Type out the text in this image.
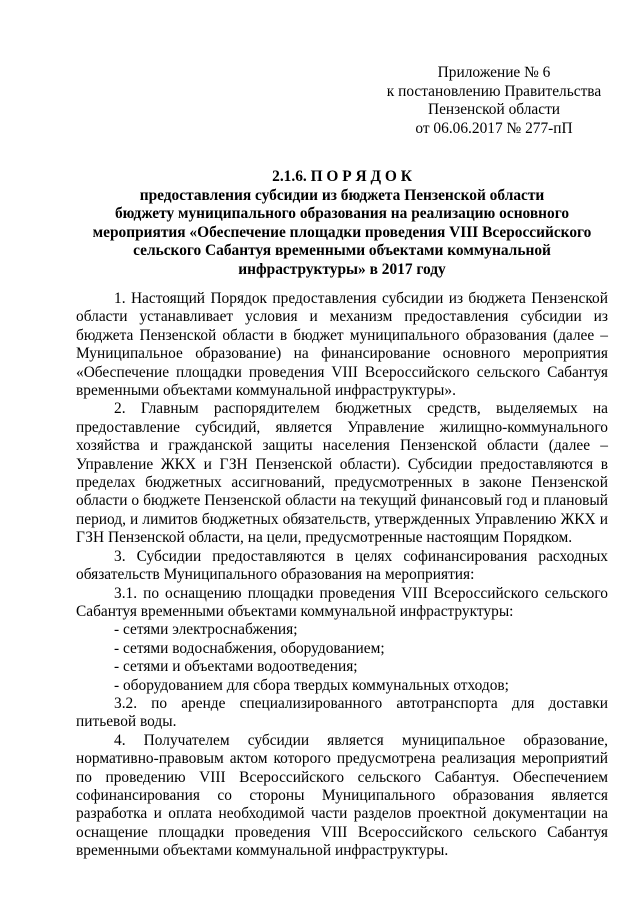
Приложение № 6
к постановлению Правительства
Пензенской области
от 06.06.2017 № 277-пП
2.1.6. П О Р Я Д О К
предоставления субсидии из бюджета Пензенской области
бюджету муниципального образования на реализацию основного
мероприятия «Обеспечение площадки проведения VIII Всероссийского
сельского Сабантуя временными объектами коммунальной
инфраструктуры» в 2017 году

1. Настоящий Порядок предоставления субсидии из бюджета Пензенской области устанавливает условия и механизм предоставления субсидии из бюджета Пензенской области в бюджет муниципального образования (далее – Муниципальное образование) на финансирование основного мероприятия «Обеспечение площадки проведения VIII Всероссийского сельского Сабантуя временными объектами коммунальной инфраструктуры».

2. Главным распорядителем бюджетных средств, выделяемых на предоставление субсидий, является Управление жилищно-коммунального хозяйства и гражданской защиты населения Пензенской области (далее – Управление ЖКХ и ГЗН Пензенской области). Субсидии предоставляются в пределах бюджетных ассигнований, предусмотренных в законе Пензенской области о бюджете Пензенской области на текущий финансовый год и плановый период, и лимитов бюджетных обязательств, утвержденных Управлению ЖКХ и ГЗН Пензенской области, на цели, предусмотренные настоящим Порядком.

3. Субсидии предоставляются в целях софинансирования расходных обязательств Муниципального образования на мероприятия:

3.1. по оснащению площадки проведения VIII Всероссийского сельского Сабантуя временными объектами коммунальной инфраструктуры:

- сетями электроснабжения;

- сетями водоснабжения, оборудованием;

- сетями и объектами водоотведения;

- оборудованием для сбора твердых коммунальных отходов;

3.2. по аренде специализированного автотранспорта для доставки питьевой воды.

4. Получателем субсидии является муниципальное образование, нормативно-правовым актом которого предусмотрена реализация мероприятий по проведению VIII Всероссийского сельского Сабантуя. Обеспечением софинансирования со стороны Муниципального образования является разработка и оплата необходимой части разделов проектной документации на оснащение площадки проведения VIII Всероссийского сельского Сабантуя временными объектами коммунальной инфраструктуры.
